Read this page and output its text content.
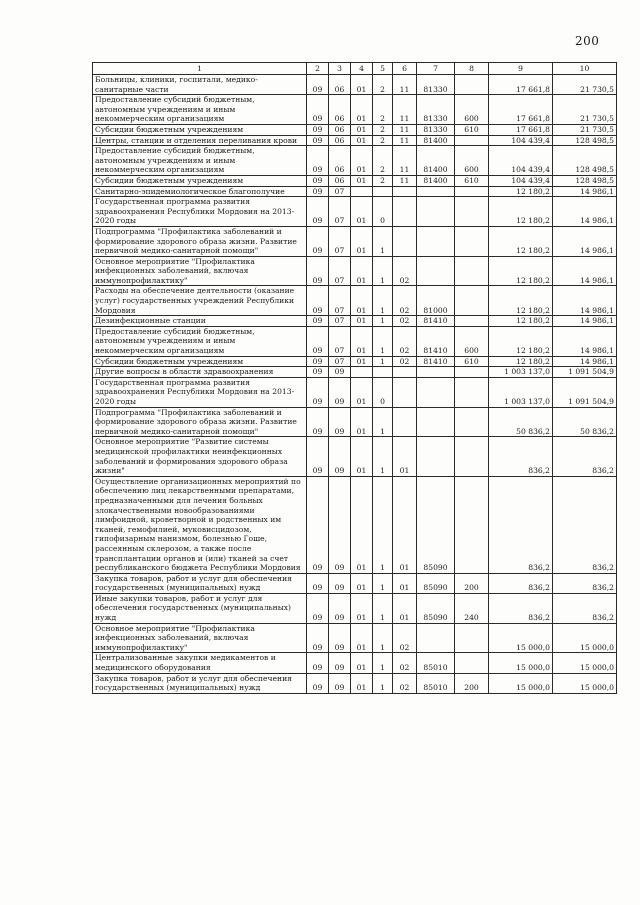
200
1	2	3	4	5	6	7	8	9	10
Больницы, клиники, госпитали, медико-санитарные части	09	06	01	2	11	81330		17 661,8	21 730,5
Предоставление субсидий бюджетным, автономным учреждениям и иным некоммерческим организациям	09	06	01	2	11	81330	600	17 661,8	21 730,5
Субсидии бюджетным учреждениям	09	06	01	2	11	81330	610	17 661,8	21 730,5
Центры, станции и отделения переливания крови	09	06	01	2	11	81400		104 439,4	128 498,5
Предоставление субсидий бюджетным, автономным учреждениям и иным некоммерческим организациям	09	06	01	2	11	81400	600	104 439,4	128 498,5
Субсидии бюджетным учреждениям	09	06	01	2	11	81400	610	104 439,4	128 498,5
Санитарно-эпидемиологическое благополучие	09	07						12 180,2	14 986,1
Государственная программа развития здравоохранения Республики Мордовия на 2013-2020 годы	09	07	01	0				12 180,2	14 986,1
Подпрограмма "Профилактика заболеваний и формирование здорового образа жизни. Развитие первичной медико-санитарной помощи"	09	07	01	1				12 180,2	14 986,1
Основное мероприятие "Профилактика инфекционных заболеваний, включая иммунопрофилактику"	09	07	01	1	02			12 180,2	14 986,1
Расходы на обеспечение деятельности (оказание услуг) государственных учреждений Республики Мордовия	09	07	01	1	02	81000		12 180,2	14 986,1
Дезинфекционные станции	09	07	01	1	02	81410		12 180,2	14 986,1
Предоставление субсидий бюджетным, автономным учреждениям и иным некоммерческим организациям	09	07	01	1	02	81410	600	12 180,2	14 986,1
Субсидии бюджетным учреждениям	09	07	01	1	02	81410	610	12 180,2	14 986,1
Другие вопросы в области здравоохранения	09	09						1 003 137,0	1 091 504,9
Государственная программа развития здравоохранения Республики Мордовия на 2013-2020 годы	09	09	01	0				1 003 137,0	1 091 504,9
Подпрограмма "Профилактика заболеваний и формирование здорового образа жизни. Развитие первичной медико-санитарной помощи"	09	09	01	1				50 836,2	50 836,2
Основное мероприятие "Развитие системы медицинской профилактики неинфекционных заболеваний и формирования здорового образа жизни"	09	09	01	1	01			836,2	836,2
Осуществление организационных мероприятий по обеспечению лиц лекарственными препаратами, предназначенными для лечения больных злокачественными новообразованиями лимфоидной, кроветворной и родственных им тканей, гемофилией, муковисцидозом, гипофизарным нанизмом, болезнью Гоше, рассеянным склерозом, а также после трансплантации органов и (или) тканей за счет республиканского бюджета Республики Мордовия	09	09	01	1	01	85090		836,2	836,2
Закупка товаров, работ и услуг для обеспечения государственных (муниципальных) нужд	09	09	01	1	01	85090	200	836,2	836,2
Иные закупки товаров, работ и услуг для обеспечения государственных (муниципальных) нужд	09	09	01	1	01	85090	240	836,2	836,2
Основное мероприятие "Профилактика инфекционных заболеваний, включая иммунопрофилактику"	09	09	01	1	02			15 000,0	15 000,0
Централизованные закупки медикаментов и медицинского оборудования	09	09	01	1	02	85010		15 000,0	15 000,0
Закупка товаров, работ и услуг для обеспечения государственных (муниципальных) нужд	09	09	01	1	02	85010	200	15 000,0	15 000,0
